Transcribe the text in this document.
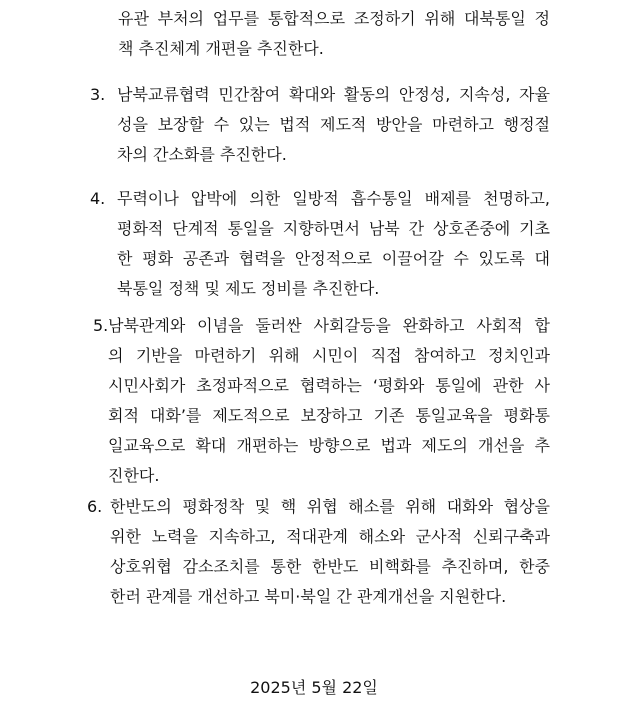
유관 부처의 업무를 통합적으로 조정하기 위해 대북통일 정
책 추진체계 개편을 추진한다.
3. 남북교류협력 민간참여 확대와 활동의 안정성, 지속성, 자율
성을 보장할 수 있는 법적 제도적 방안을 마련하고 행정절
차의 간소화를 추진한다.
4. 무력이나 압박에 의한 일방적 흡수통일 배제를 천명하고,
평화적 단계적 통일을 지향하면서 남북 간 상호존중에 기초
한 평화 공존과 협력을 안정적으로 이끌어갈 수 있도록 대
북통일 정책 및 제도 정비를 추진한다.
5. 남북관계와 이념을 둘러싼 사회갈등을 완화하고 사회적 합
의 기반을 마련하기 위해 시민이 직접 참여하고 정치인과
시민사회가 초정파적으로 협력하는 ‘평화와 통일에 관한 사
회적 대화’를 제도적으로 보장하고 기존 통일교육을 평화통
일교육으로 확대 개편하는 방향으로 법과 제도의 개선을 추
진한다.
6. 한반도의 평화정착 및 핵 위협 해소를 위해 대화와 협상을
위한 노력을 지속하고, 적대관계 해소와 군사적 신뢰구축과
상호위협 감소조치를 통한 한반도 비핵화를 추진하며, 한중
한러 관계를 개선하고 북미·북일 간 관계개선을 지원한다.
2025년 5월 22일
